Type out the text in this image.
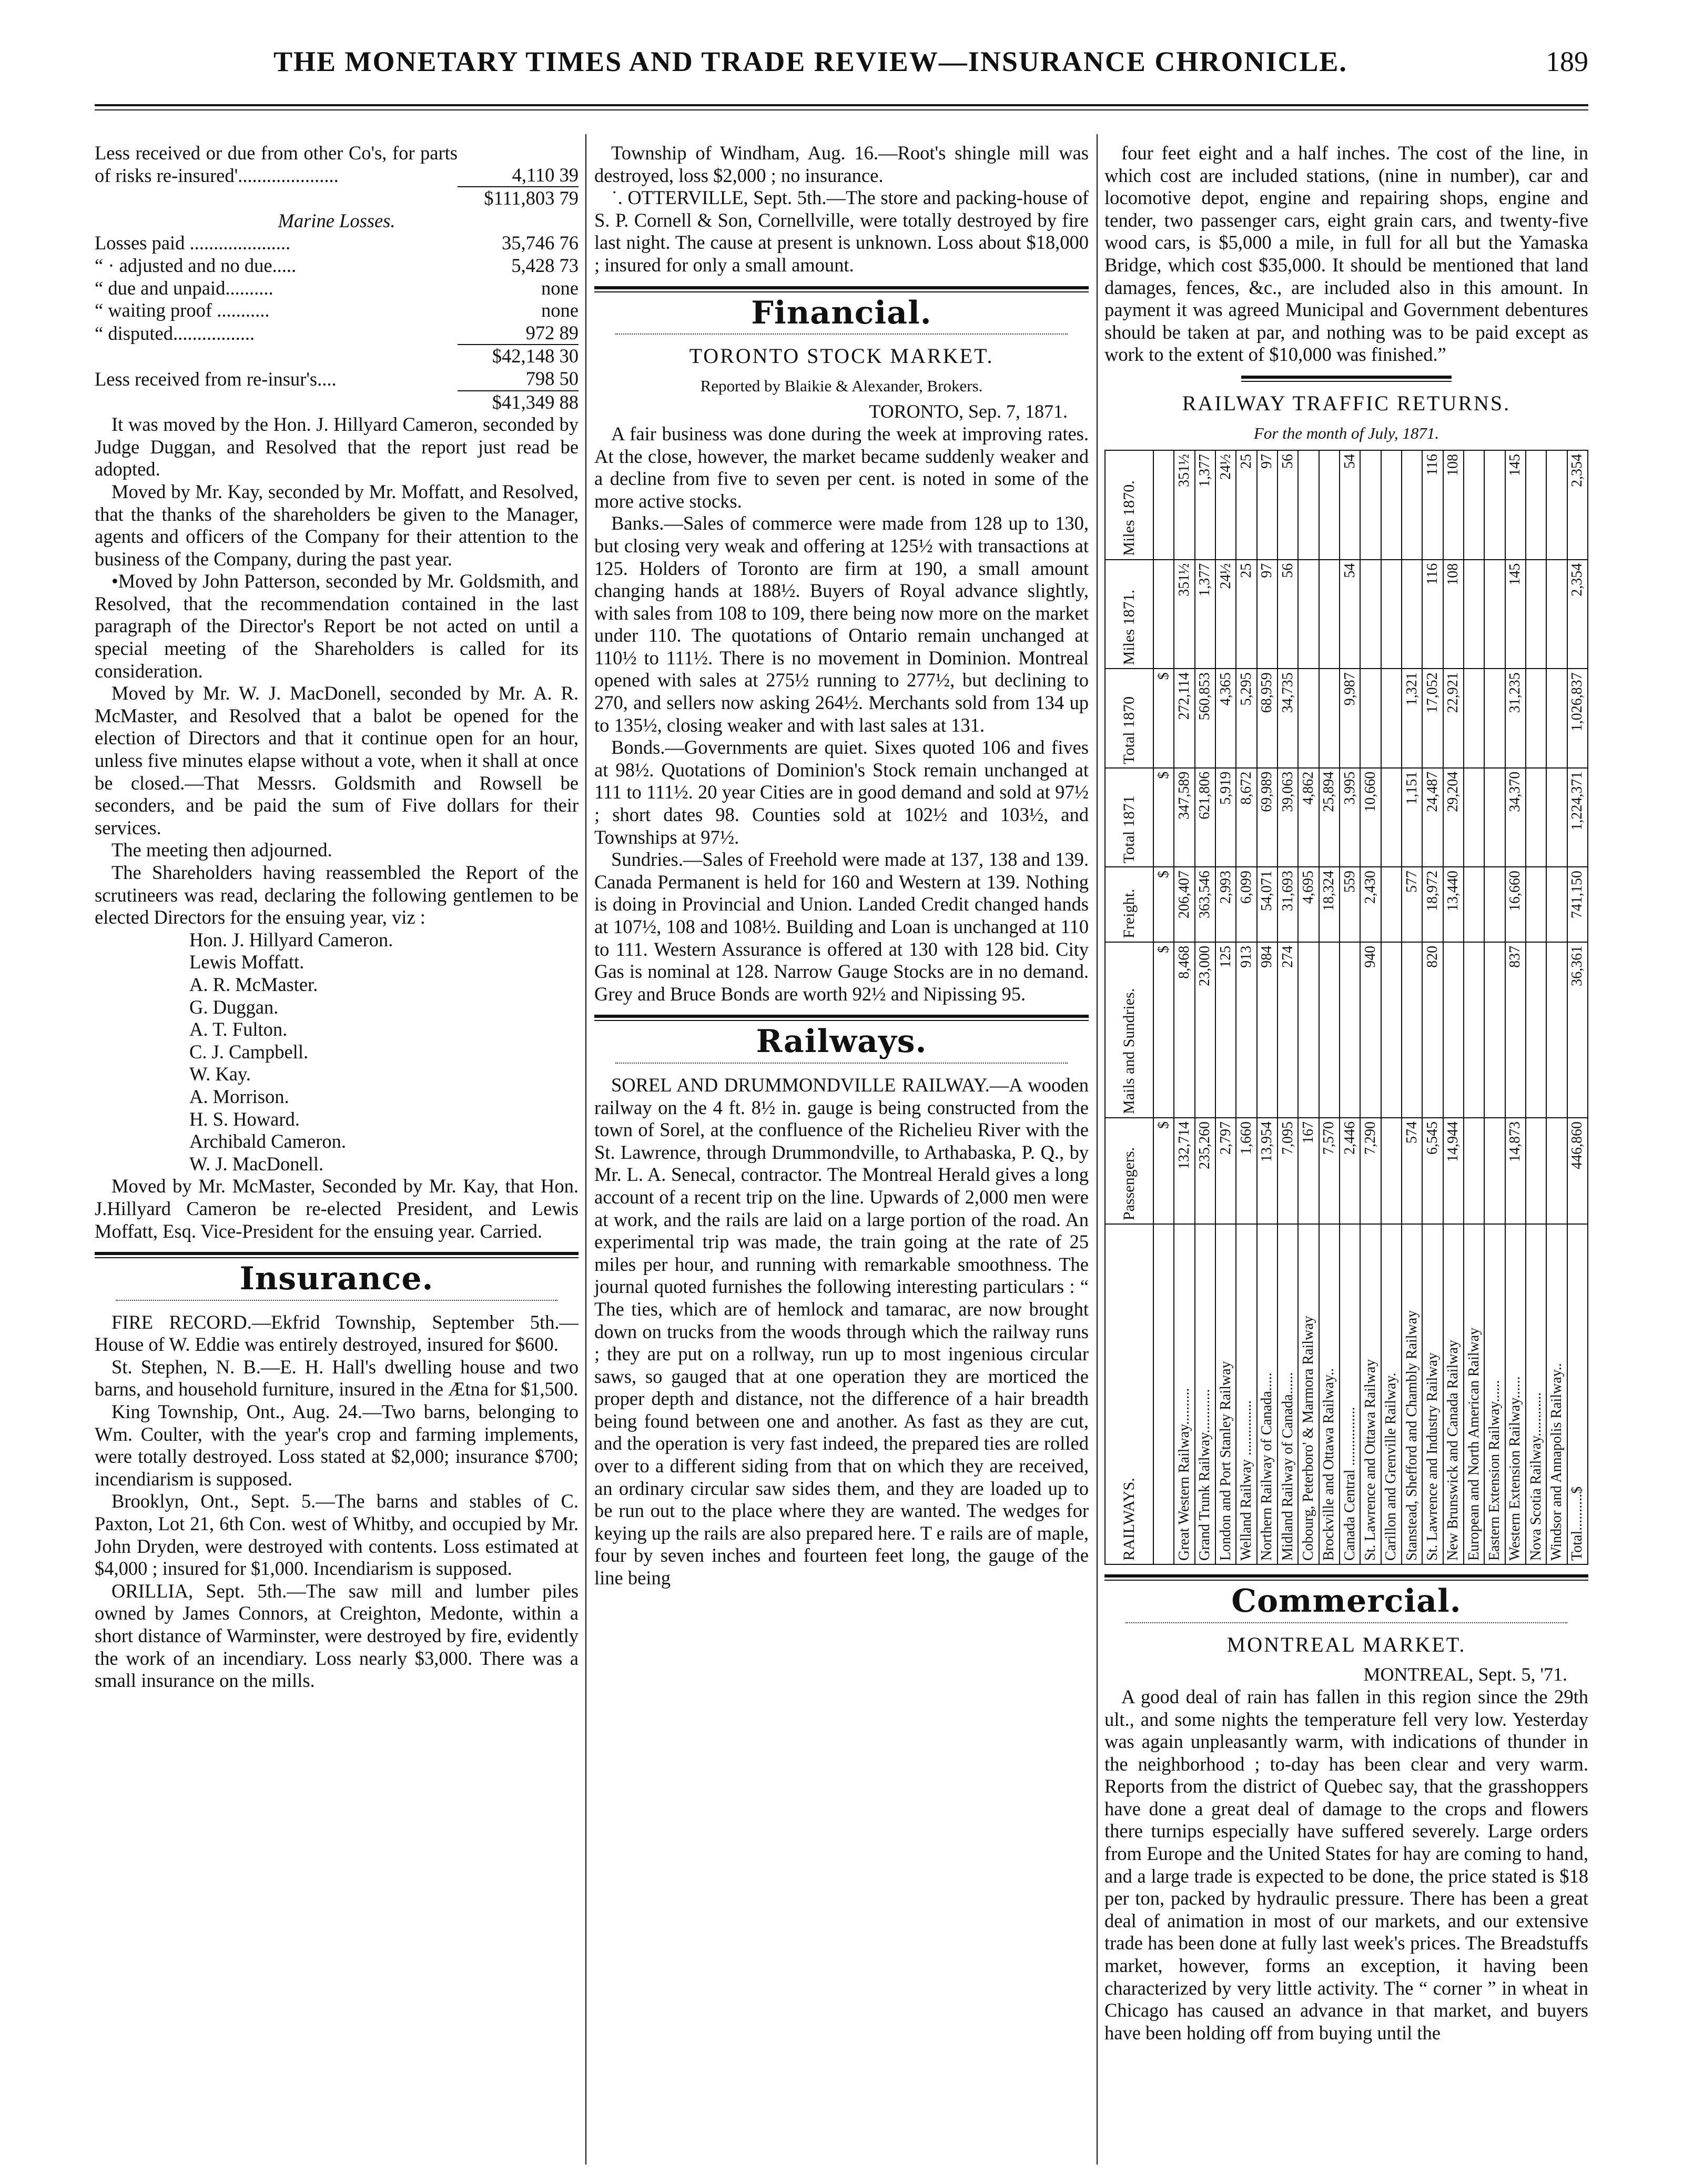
THE MONETARY TIMES AND TRADE REVIEW—INSURANCE CHRONICLE.	189
Less received or due from other Co's, for parts of risks re-insured'.....................	4,110 39
	$111,803 79
Marine Losses.	
Losses paid .....................	35,746 76
“ · adjusted and no due.....	5,428 73
“ due and unpaid..........	none
“ waiting proof ...........	none
“ disputed.................	972 89
	$42,148 30
Less received from re-insur's....	798 50
	$41,349 88

It was moved by the Hon. J. Hillyard Cameron, seconded by Judge Duggan, and Resolved that the report just read be adopted.

Moved by Mr. Kay, seconded by Mr. Moffatt, and Resolved, that the thanks of the shareholders be given to the Manager, agents and officers of the Company for their attention to the business of the Company, during the past year.

•Moved by John Patterson, seconded by Mr. Goldsmith, and Resolved, that the recommendation contained in the last paragraph of the Director's Report be not acted on until a special meeting of the Shareholders is called for its consideration.

Moved by Mr. W. J. MacDonell, seconded by Mr. A. R. McMaster, and Resolved that a balot be opened for the election of Directors and that it continue open for an hour, unless five minutes elapse without a vote, when it shall at once be closed.—That Messrs. Goldsmith and Rowsell be seconders, and be paid the sum of Five dollars for their services.

The meeting then adjourned.

The Shareholders having reassembled the Report of the scrutineers was read, declaring the following gentlemen to be elected Directors for the ensuing year, viz :

Hon. J. Hillyard Cameron.

Lewis Moffatt.

A. R. McMaster.

G. Duggan.

A. T. Fulton.

C. J. Campbell.

W. Kay.

A. Morrison.

H. S. Howard.

Archibald Cameron.

W. J. MacDonell.

Moved by Mr. McMaster, Seconded by Mr. Kay, that Hon. J.Hillyard Cameron be re-elected President, and Lewis Moffatt, Esq. Vice-President for the ensuing year. Carried.

Insurance.

FIRE RECORD.—Ekfrid Township, September 5th.—House of W. Eddie was entirely destroyed, insured for $600.

St. Stephen, N. B.—E. H. Hall's dwelling house and two barns, and household furniture, insured in the Ætna for $1,500.

King Township, Ont., Aug. 24.—Two barns, belonging to Wm. Coulter, with the year's crop and farming implements, were totally destroyed. Loss stated at $2,000; insurance $700; incendiarism is supposed.

Brooklyn, Ont., Sept. 5.—The barns and stables of C. Paxton, Lot 21, 6th Con. west of Whitby, and occupied by Mr. John Dryden, were destroyed with contents. Loss estimated at $4,000 ; insured for $1,000. Incendiarism is supposed.

ORILLIA, Sept. 5th.—The saw mill and lumber piles owned by James Connors, at Creighton, Medonte, within a short distance of Warminster, were destroyed by fire, evidently the work of an incendiary. Loss nearly $3,000. There was a small insurance on the mills.

Township of Windham, Aug. 16.—Root's shingle mill was destroyed, loss $2,000 ; no insurance.

˙. OTTERVILLE, Sept. 5th.—The store and packing-house of S. P. Cornell & Son, Cornellville, were totally destroyed by fire last night. The cause at present is unknown. Loss about $18,000 ; insured for only a small amount.

Financial.
TORONTO STOCK MARKET.
Reported by Blaikie & Alexander, Brokers.
TORONTO, Sep. 7, 1871.

A fair business was done during the week at improving rates. At the close, however, the market became suddenly weaker and a decline from five to seven per cent. is noted in some of the more active stocks.

Banks.—Sales of commerce were made from 128 up to 130, but closing very weak and offering at 125½ with transactions at 125. Holders of Toronto are firm at 190, a small amount changing hands at 188½. Buyers of Royal advance slightly, with sales from 108 to 109, there being now more on the market under 110. The quotations of Ontario remain unchanged at 110½ to 111½. There is no movement in Dominion. Montreal opened with sales at 275½ running to 277½, but declining to 270, and sellers now asking 264½. Merchants sold from 134 up to 135½, closing weaker and with last sales at 131.

Bonds.—Governments are quiet. Sixes quoted 106 and fives at 98½. Quotations of Dominion's Stock remain unchanged at 111 to 111½. 20 year Cities are in good demand and sold at 97½ ; short dates 98. Counties sold at 102½ and 103½, and Townships at 97½.

Sundries.—Sales of Freehold were made at 137, 138 and 139. Canada Permanent is held for 160 and Western at 139. Nothing is doing in Provincial and Union. Landed Credit changed hands at 107½, 108 and 108½. Building and Loan is unchanged at 110 to 111. Western Assurance is offered at 130 with 128 bid. City Gas is nominal at 128. Narrow Gauge Stocks are in no demand. Grey and Bruce Bonds are worth 92½ and Nipissing 95.

Railways.

SOREL AND DRUMMONDVILLE RAILWAY.—A wooden railway on the 4 ft. 8½ in. gauge is being constructed from the town of Sorel, at the confluence of the Richelieu River with the St. Lawrence, through Drummondville, to Arthabaska, P. Q., by Mr. L. A. Senecal, contractor. The Montreal Herald gives a long account of a recent trip on the line. Upwards of 2,000 men were at work, and the rails are laid on a large portion of the road. An experimental trip was made, the train going at the rate of 25 miles per hour, and running with remarkable smoothness. The journal quoted furnishes the following interesting particulars : “ The ties, which are of hemlock and tamarac, are now brought down on trucks from the woods through which the railway runs ; they are put on a rollway, run up to most ingenious circular saws, so gauged that at one operation they are morticed the proper depth and distance, not the difference of a hair breadth being found between one and another. As fast as they are cut, and the operation is very fast indeed, the prepared ties are rolled over to a different siding from that on which they are received, an ordinary circular saw sides them, and they are loaded up to be run out to the place where they are wanted. The wedges for keying up the rails are also prepared here. T e rails are of maple, four by seven inches and fourteen feet long, the gauge of the line being

four feet eight and a half inches. The cost of the line, in which cost are included stations, (nine in number), car and locomotive depot, engine and repairing shops, engine and tender, two passenger cars, eight grain cars, and twenty-five wood cars, is $5,000 a mile, in full for all but the Yamaska Bridge, which cost $35,000. It should be mentioned that land damages, fences, &c., are included also in this amount. In payment it was agreed Municipal and Government debentures should be taken at par, and nothing was to be paid except as work to the extent of $10,000 was finished.”

RAILWAY TRAFFIC RETURNS.
For the month of July, 1871.
RAILWAYS.	Passengers.	Mails and Sundries.	Freight.	Total 1871	Total 1870	Miles 1871.	Miles 1870.
	$	$	$	$	$		
Great Western Railway..........	132,714	8,468	206,407	347,589	272,114	351½	351½
Grand Trunk Railway............	235,260	23,000	363,546	621,806	560,853	1,377	1,377
London and Port Stanley Railway	2,797	125	2,993	5,919	4,365	24½	24½
Welland Railway ...............	1,660	913	6,099	8,672	5,295	25	25
Northern Railway of Canada.....	13,954	984	54,071	69,989	68,959	97	97
Midland Railway of Canada......	7,095	274	31,693	39,063	34,735	56	56
Cobourg, Peterboro' & Marmora Railway	167		4,695	4,862			
Brockville and Ottawa Railway..	7,570		18,324	25,894			
Canada Central ................	2,446		559	3,995	9,987	54	54
St. Lawrence and Ottawa Railway	7,290	940	2,430	10,660			
Carillon and Grenville Railway.							
Stanstead, Shefford and Chambly Railway	574		577	1,151	1,321		
St. Lawrence and Industry Railway	6,545	820	18,972	24,487	17,052	116	116
New Brunswick and Canada Railway	14,944		13,440	29,204	22,921	108	108
European and North American Railway							
Eastern Extension Railway......							
Western Extension Railway......	14,873	837	16,660	34,370	31,235	145	145
Nova Scotia Railway............							
Windsor and Annapolis Railway..							
Total..........$	446,860	36,361	741,150	1,224,371	1,026,837	2,354	2,354
Commercial.
MONTREAL MARKET.
MONTREAL, Sept. 5, '71.

A good deal of rain has fallen in this region since the 29th ult., and some nights the temperature fell very low. Yesterday was again unpleasantly warm, with indications of thunder in the neighborhood ; to-day has been clear and very warm. Reports from the district of Quebec say, that the grasshoppers have done a great deal of damage to the crops and flowers there turnips especially have suffered severely. Large orders from Europe and the United States for hay are coming to hand, and a large trade is expected to be done, the price stated is $18 per ton, packed by hydraulic pressure. There has been a great deal of animation in most of our markets, and our extensive trade has been done at fully last week's prices. The Breadstuffs market, however, forms an exception, it having been characterized by very little activity. The “ corner ” in wheat in Chicago has caused an advance in that market, and buyers have been holding off from buying until the
